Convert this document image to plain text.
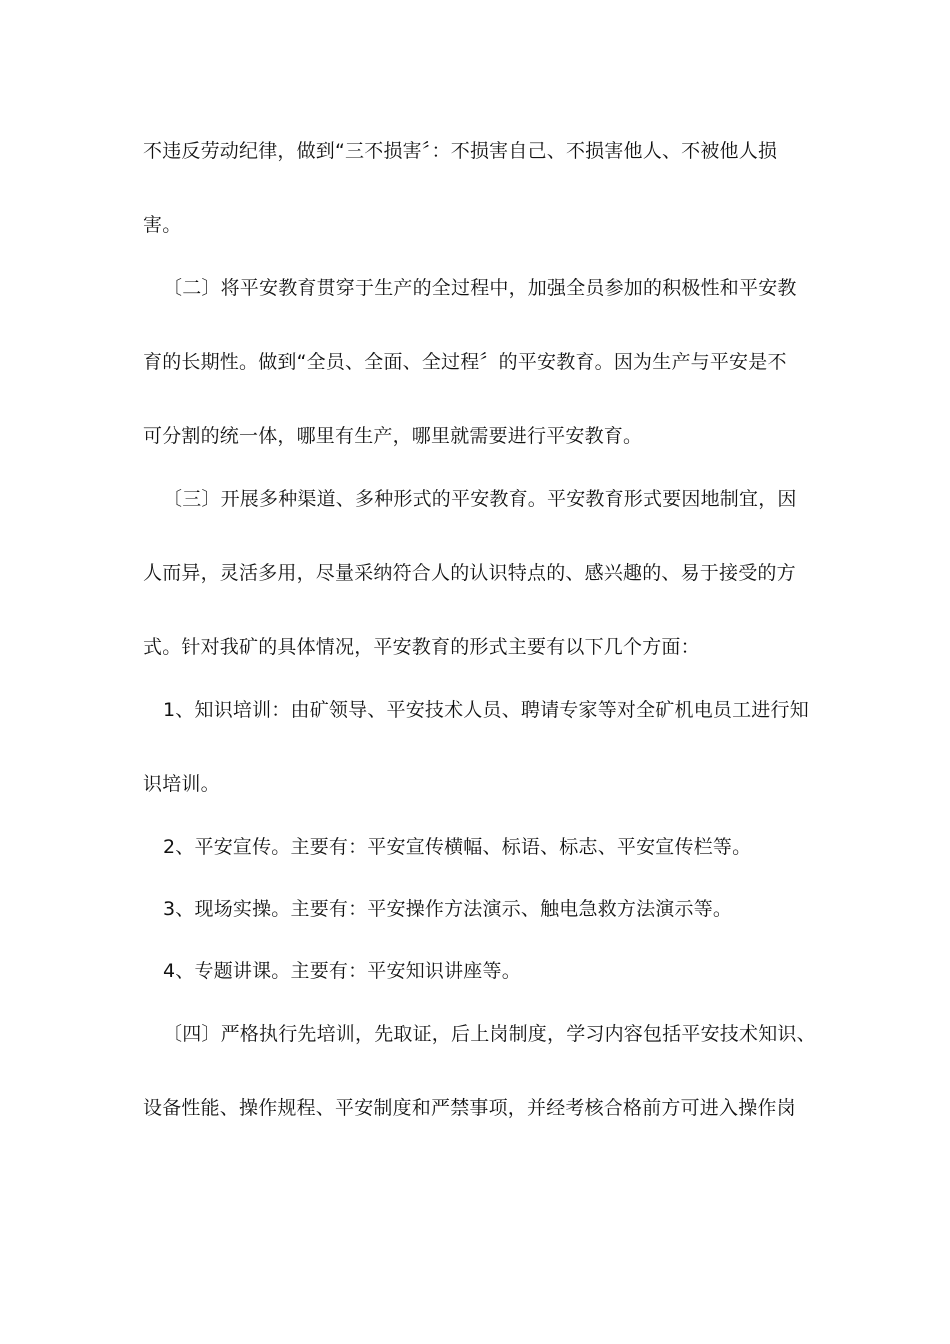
不违反劳动纪律，做到“三不损害〞：不损害自己、不损害他人、不被他人损
害。
〔二〕将平安教育贯穿于生产的全过程中，加强全员参加的积极性和平安教
育的长期性。做到“全员、全面、全过程〞的平安教育。因为生产与平安是不
可分割的统一体，哪里有生产，哪里就需要进行平安教育。
〔三〕开展多种渠道、多种形式的平安教育。平安教育形式要因地制宜，因
人而异，灵活多用，尽量采纳符合人的认识特点的、感兴趣的、易于接受的方
式。针对我矿的具体情况，平安教育的形式主要有以下几个方面：
1、知识培训：由矿领导、平安技术人员、聘请专家等对全矿机电员工进行知
识培训。
2、平安宣传。主要有：平安宣传横幅、标语、标志、平安宣传栏等。
3、现场实操。主要有：平安操作方法演示、触电急救方法演示等。
4、专题讲课。主要有：平安知识讲座等。
〔四〕严格执行先培训，先取证，后上岗制度，学习内容包括平安技术知识、
设备性能、操作规程、平安制度和严禁事项，并经考核合格前方可进入操作岗
